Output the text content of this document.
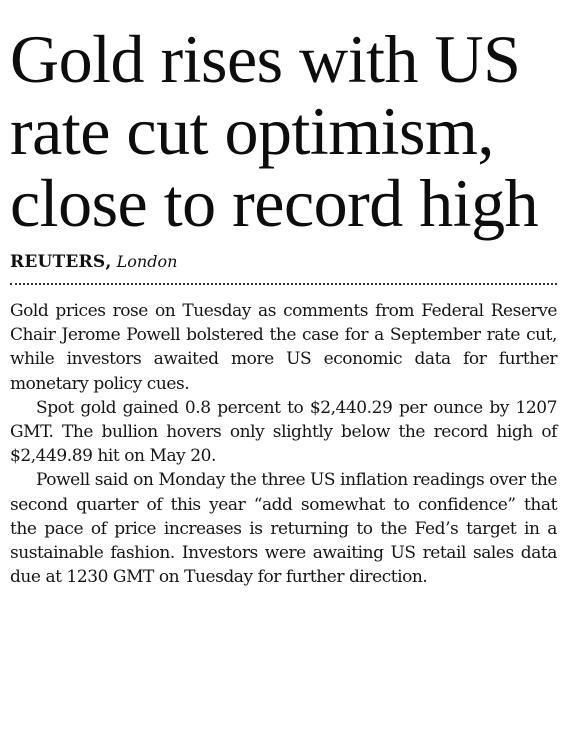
Gold rises with US rate cut optimism, close to record high
REUTERS, London

Gold prices rose on Tuesday as comments from Federal Reserve Chair Jerome Powell bolstered the case for a September rate cut, while investors awaited more US economic data for further monetary policy cues.

Spot gold gained 0.8 percent to $2,440.29 per ounce by 1207 GMT. The bullion hovers only slightly below the record high of $2,449.89 hit on May 20.

Powell said on Monday the three US inflation readings over the second quarter of this year “add somewhat to confidence” that the pace of price increases is returning to the Fed’s target in a sustainable fashion. Investors were awaiting US retail sales data due at 1230 GMT on Tuesday for further direction.
